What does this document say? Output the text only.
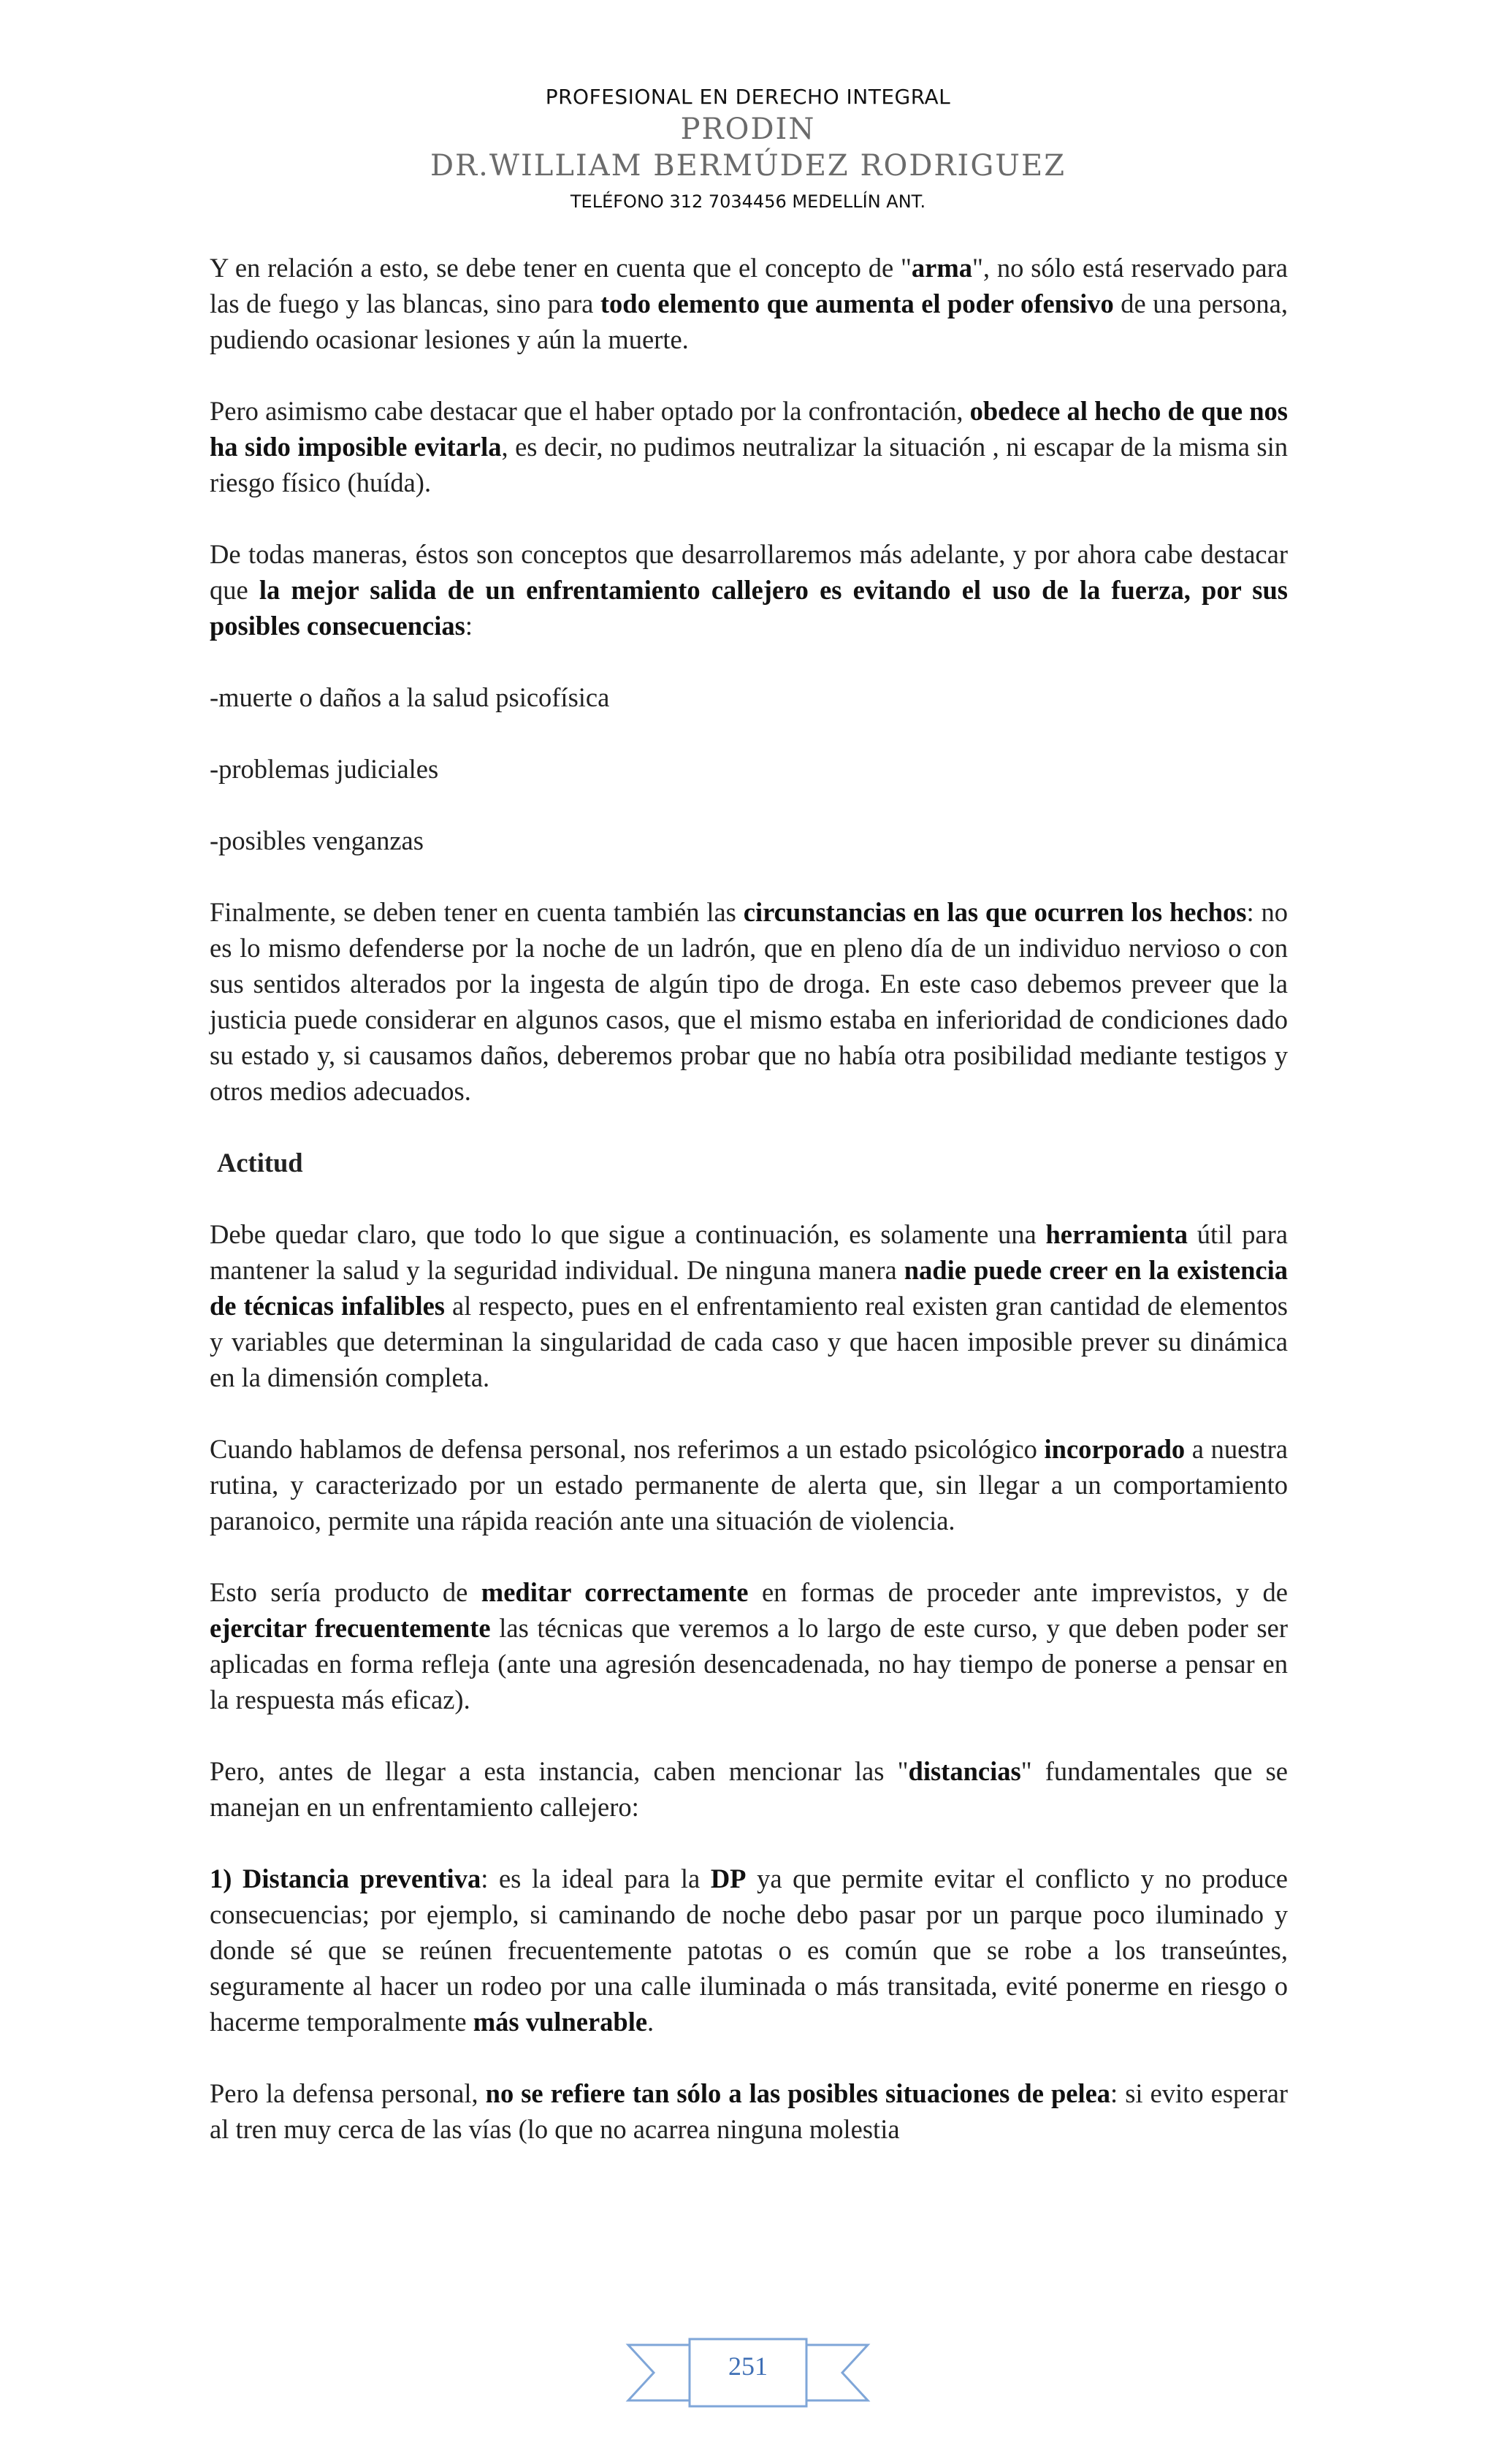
PROFESIONAL EN DERECHO INTEGRAL
PRODIN
DR.WILLIAM BERMÚDEZ RODRIGUEZ
TELÉFONO 312 7034456 MEDELLÍN ANT.

Y en relación a esto, se debe tener en cuenta que el concepto de "arma", no sólo está reservado para las de fuego y las blancas, sino para todo elemento que aumenta el poder ofensivo de una persona, pudiendo ocasionar lesiones y aún la muerte.

Pero asimismo cabe destacar que el haber optado por la confrontación, obedece al hecho de que nos ha sido imposible evitarla, es decir, no pudimos neutralizar la situación , ni escapar de la misma sin riesgo físico (huída).

De todas maneras, éstos son conceptos que desarrollaremos más adelante, y por ahora cabe destacar que la mejor salida de un enfrentamiento callejero es evitando el uso de la fuerza, por sus posibles consecuencias:

-muerte o daños a la salud psicofísica

-problemas judiciales

-posibles venganzas

Finalmente, se deben tener en cuenta también las circunstancias en las que ocurren los hechos: no es lo mismo defenderse por la noche de un ladrón, que en pleno día de un individuo nervioso o con sus sentidos alterados por la ingesta de algún tipo de droga. En este caso debemos preveer que la justicia puede considerar en algunos casos, que el mismo estaba en inferioridad de condiciones dado su estado y, si causamos daños, deberemos probar que no había otra posibilidad mediante testigos y otros medios adecuados.

Actitud

Debe quedar claro, que todo lo que sigue a continuación, es solamente una herramienta útil para mantener la salud y la seguridad individual. De ninguna manera nadie puede creer en la existencia de técnicas infalibles al respecto, pues en el enfrentamiento real existen gran cantidad de elementos y variables que determinan la singularidad de cada caso y que hacen imposible prever su dinámica en la dimensión completa.

Cuando hablamos de defensa personal, nos referimos a un estado psicológico incorporado a nuestra rutina, y caracterizado por un estado permanente de alerta que, sin llegar a un comportamiento paranoico, permite una rápida reación ante una situación de violencia.

Esto sería producto de meditar correctamente en formas de proceder ante imprevistos, y de ejercitar frecuentemente las técnicas que veremos a lo largo de este curso, y que deben poder ser aplicadas en forma refleja (ante una agresión desencadenada, no hay tiempo de ponerse a pensar en la respuesta más eficaz).

Pero, antes de llegar a esta instancia, caben mencionar las "distancias" fundamentales que se manejan en un enfrentamiento callejero:

1) Distancia preventiva: es la ideal para la DP ya que permite evitar el conflicto y no produce consecuencias; por ejemplo, si caminando de noche debo pasar por un parque poco iluminado y donde sé que se reúnen frecuentemente patotas o es común que se robe a los transeúntes, seguramente al hacer un rodeo por una calle iluminada o más transitada, evité ponerme en riesgo o hacerme temporalmente más vulnerable.

Pero la defensa personal, no se refiere tan sólo a las posibles situaciones de pelea: si evito esperar al tren muy cerca de las vías (lo que no acarrea ninguna molestia

251
